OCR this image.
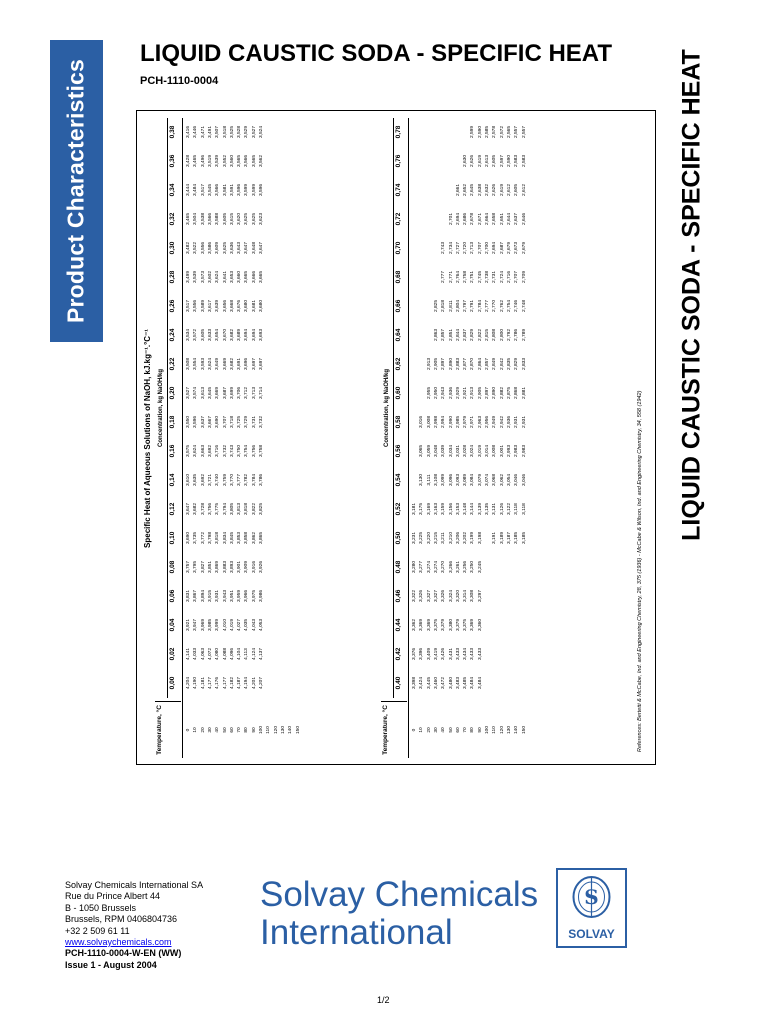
Product Characteristics
LIQUID CAUSTIC SODA - SPECIFIC HEAT
PCH-1110-0004	LIQUID CAUSTIC SODA - SPECIFIC HEAT
Specific Heat of Aqueous Solutions of NaOH, kJ.kg⁻¹.°C⁻¹
Temperature, °C
Concentration, kg NaOH/kg
0,00
0,02
0,04
0,06
0,08
0,10
0,12
0,14
0,16
0,18
0,20
0,22
0,24
0,26
0,28
0,30
0,32
0,34
0,36
0,38
0
4,204
4,141
3,921
3,831
3,757
3,690
3,647
3,610
3,575
3,550
3,527
3,508
3,534
3,517
3,499
3,482
3,465
3,444
3,428
3,416
10
4,190
4,033
3,947
3,867
3,795
3,735
3,682
3,635
3,624
3,596
3,574
3,554
3,572
3,556
3,539
3,522
3,504
3,484
3,465
3,446
20
4,181
4,063
3,969
3,894
3,827
3,772
3,728
3,692
3,663
3,637
3,613
3,593
3,605
3,589
3,573
3,556
3,538
3,517
3,496
3,471
30
4,177
4,072
3,985
3,915
3,851
3,798
3,756
3,721
3,692
3,667
3,645
3,624
3,633
3,617
3,602
3,586
3,566
3,545
3,519
3,491
40
4,176
4,080
3,999
3,931
3,869
3,818
3,775
3,740
3,716
3,690
3,669
3,649
3,654
3,639
3,624
3,609
3,588
3,566
3,539
3,507
50
4,177
4,088
4,010
3,943
3,883
3,834
3,794
3,759
3,732
3,707
3,687
3,669
3,670
3,656
3,641
3,625
3,605
3,581
3,552
3,518
60
4,182
4,096
4,019
3,951
3,893
3,845
3,805
3,770
3,743
3,718
3,699
3,682
3,682
3,668
3,653
3,636
3,615
3,591
3,560
3,525
70
4,187
4,104
4,027
3,959
3,901
3,853
3,813
3,777
3,750
3,725
3,706
3,691
3,689
3,676
3,660
3,643
3,620
3,596
3,565
3,528
80
4,194
4,113
4,035
3,966
3,909
3,858
3,818
3,782
3,754
3,729
3,712
3,696
3,694
3,680
3,665
3,647
3,625
3,599
3,566
3,529
90
4,201
4,124
4,043
3,975
3,916
3,862
3,822
3,784
3,756
3,731
3,713
3,697
3,694
3,681
3,666
3,648
3,625
3,599
3,565
3,527
100
4,207
4,137
4,053
3,986
3,926
3,865
3,825
3,786
3,758
3,732
3,714
3,697
3,693
3,680
3,665
3,647
3,623
3,596
3,562
3,524
110 120 130 140 150	Temperature, °C
Concentration, kg NaOH/kg
0,40
0,42
0,44
0,46
0,48
0,50
0,52
0,54
0,56
0,58
0,60
0,62
0,64
0,66
0,68
0,70
0,72
0,74
0,76
0,78
0
3,398
3,376
3,362
3,322
3,280
3,231
3,181
10
3,424
3,396
3,369
3,326
3,277
3,225
3,175
3,130
3,065
3,016
20
3,445
3,409
3,369
3,327
3,274
3,220
3,169
3,111
3,059
3,008
2,955
2,913
30
3,460
3,419
3,375
3,327
3,274
3,215
3,163
3,108
3,048
2,998
2,950
2,905
2,863
2,825
40
3,472
3,426
3,379
3,326
3,270
3,211
3,159
3,099
3,039
2,994
2,943
2,897
2,857
2,818
2,777
2,743
50
3,480
3,431
3,380
3,324
3,266
3,210
3,156
3,096
3,034
2,990
2,936
2,890
2,851
2,811
2,771
2,734
2,701
60
3,483
3,433
3,379
3,320
3,261
3,206
3,153
3,093
3,031
2,985
2,929
2,883
2,844
2,804
2,764
2,727
2,694
2,661
70
3,485
3,434
3,375
3,314
3,256
3,202
3,148
3,089
3,028
2,979
2,921
2,877
2,837
2,797
2,758
2,720
2,686
2,652
2,630
80
3,484
3,433
3,369
3,308
3,250
3,199
3,144
3,084
3,024
2,971
2,913
2,870
2,829
2,791
2,751
2,713
2,678
2,645
2,626
2,599
90
3,484
3,433
3,360
3,297
3,245
3,198
3,139
3,079
3,019
2,963
2,905
2,864
2,822
2,784
2,745
2,707
2,671
2,638
2,619
2,590
100
3,135
3,074
3,014
2,956
2,897
2,857
2,815
2,777
2,738
2,700
2,664
2,632
2,613
2,585
110
3,191
3,131
3,068
3,008
2,949
2,890
2,849
2,808
2,770
2,731
2,694
2,658
2,626
2,605
2,578
120
3,189
3,126
3,062
3,001
2,942
2,882
2,842
2,800
2,762
2,724
2,687
2,651
2,619
2,597
2,572
130
3,187
3,122
3,054
2,993
2,936
2,875
2,835
2,792
2,754
2,716
2,679
2,644
2,612
2,590
2,565
140
3,185
3,118
3,046
2,983
2,931
2,868
2,829
2,786
2,746
2,707
2,673
2,637
2,605
2,583
2,557
150
3,185
3,118
3,046
2,983
2,931
2,881
2,833
2,789
2,748
2,709
2,679
2,646
2,612
2,583
2,557
References: Bertetti & McCabe, Ind. and Engineering Chemistry, 28, 375 (1936) - McCabe & Wilson, Ind. and Engineering Chemistry, 34, 558 (1942)
Solvay Chemicals International SA
Rue du Prince Albert 44
B - 1050 Brussels
Brussels, RPM 0406804736
+32 2 509 61 11
www.solvaychemicals.com
PCH-1110-0004-W-EN (WW)
Issue 1 - August 2004
Solvay Chemicals
International
S
SOLVAY
1/2
